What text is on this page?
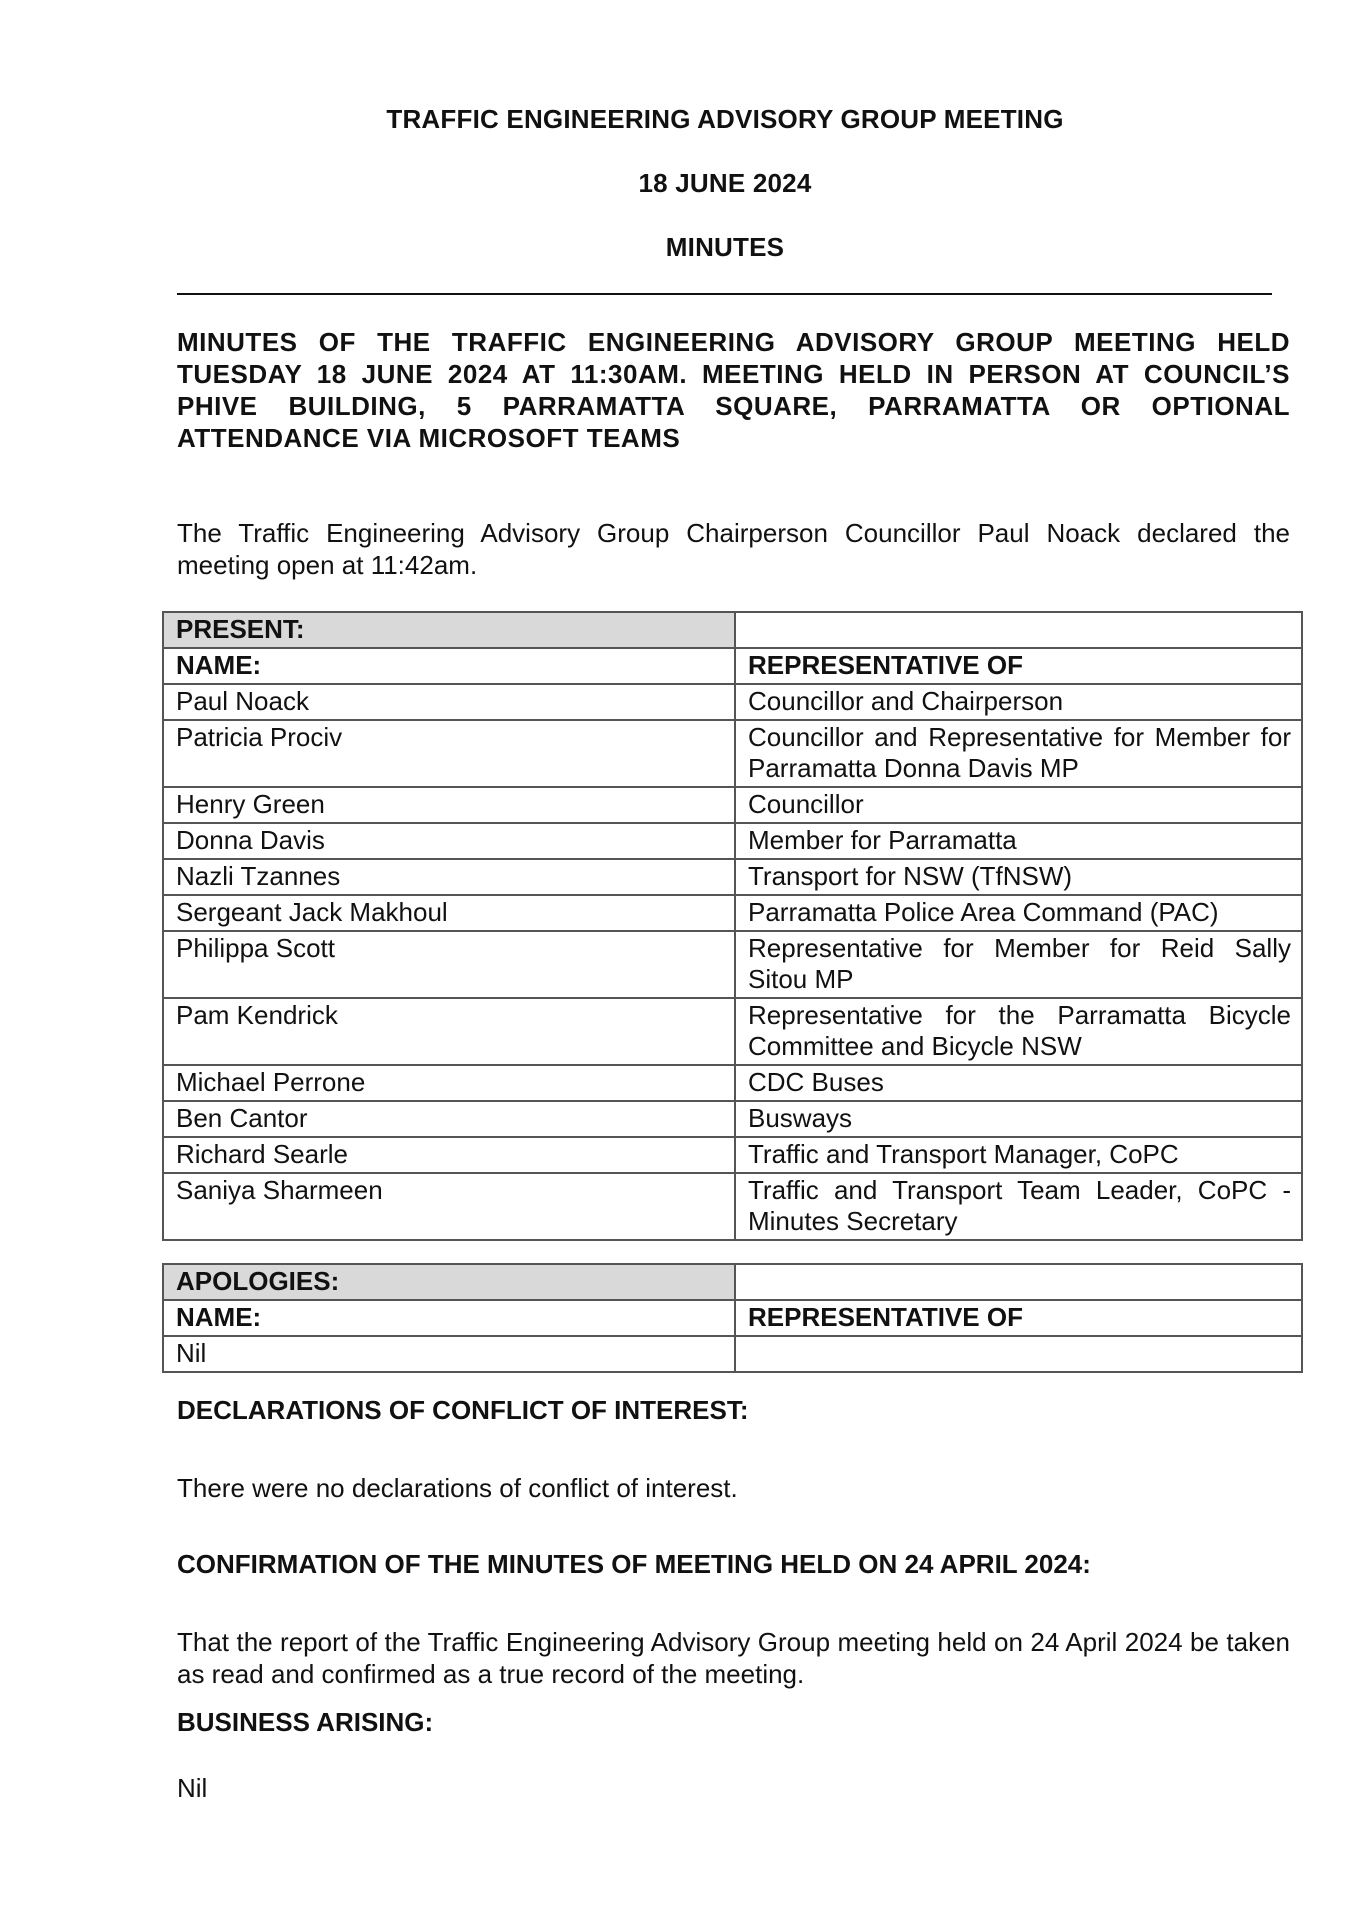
TRAFFIC ENGINEERING ADVISORY GROUP MEETING
18 JUNE 2024
MINUTES
MINUTES OF THE TRAFFIC ENGINEERING ADVISORY GROUP MEETING HELD TUESDAY 18 JUNE 2024 AT 11:30AM. MEETING HELD IN PERSON AT COUNCIL’S PHIVE BUILDING, 5 PARRAMATTA SQUARE, PARRAMATTA OR OPTIONAL ATTENDANCE VIA MICROSOFT TEAMS
The Traffic Engineering Advisory Group Chairperson Councillor Paul Noack declared the meeting open at 11:42am.
PRESENT:	
NAME:	REPRESENTATIVE OF
Paul Noack	Councillor and Chairperson
Patricia Prociv	Councillor and Representative for Member for Parramatta Donna Davis MP
Henry Green	Councillor
Donna Davis	Member for Parramatta
Nazli Tzannes	Transport for NSW (TfNSW)
Sergeant Jack Makhoul	Parramatta Police Area Command (PAC)
Philippa Scott	Representative for Member for Reid Sally Sitou MP
Pam Kendrick	Representative for the Parramatta Bicycle Committee and Bicycle NSW
Michael Perrone	CDC Buses
Ben Cantor	Busways
Richard Searle	Traffic and Transport Manager, CoPC
Saniya Sharmeen	Traffic and Transport Team Leader, CoPC - Minutes Secretary
APOLOGIES:	
NAME:	REPRESENTATIVE OF
Nil	
DECLARATIONS OF CONFLICT OF INTEREST:
There were no declarations of conflict of interest.
CONFIRMATION OF THE MINUTES OF MEETING HELD ON 24 APRIL 2024:
That the report of the Traffic Engineering Advisory Group meeting held on 24 April 2024 be taken as read and confirmed as a true record of the meeting.
BUSINESS ARISING:
Nil
